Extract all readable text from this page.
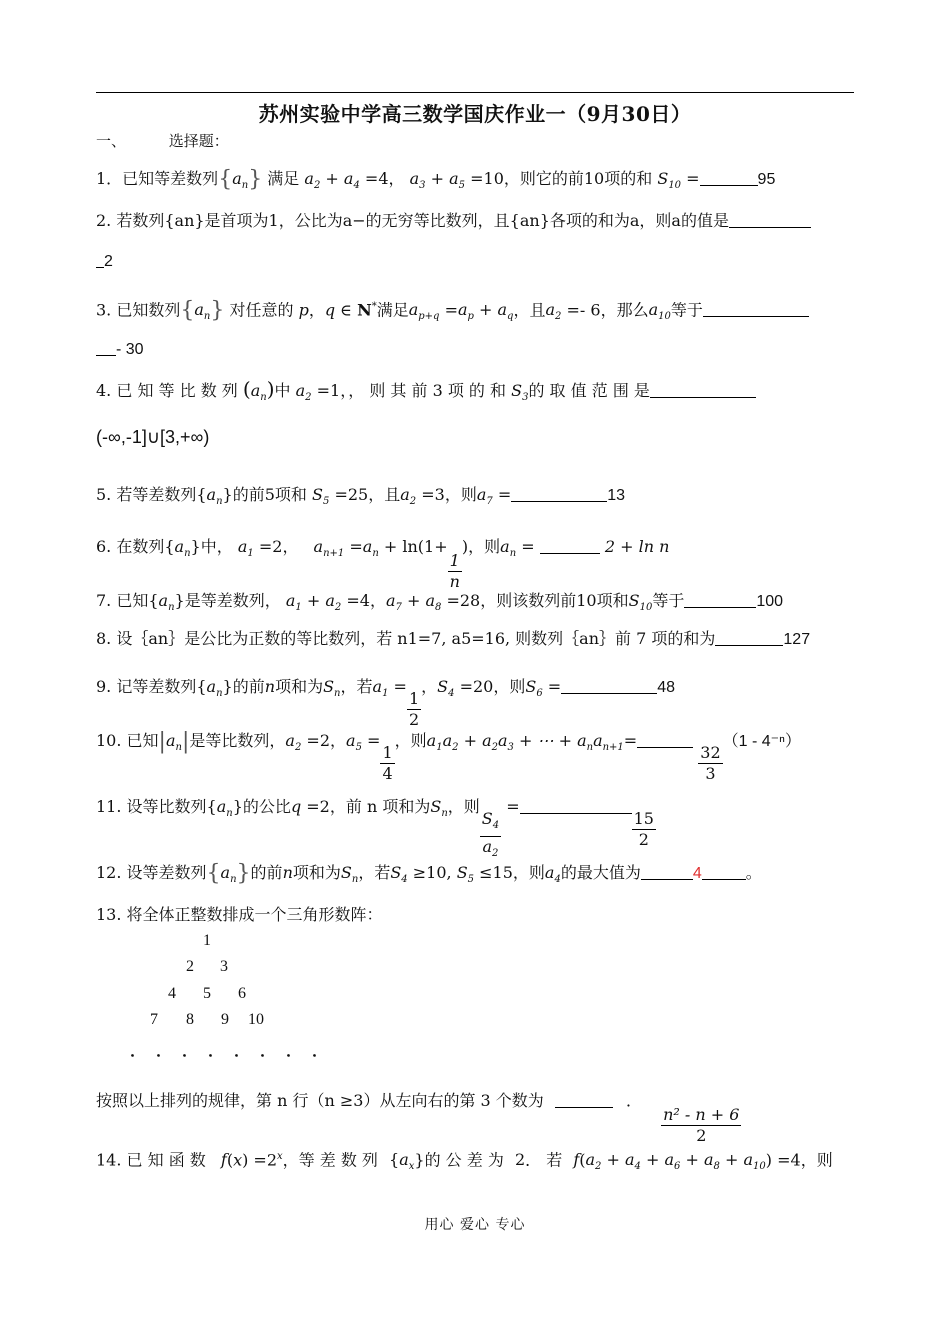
苏州实验中学高三数学国庆作业一（9月30日）
一、	选择题：
1．已知等差数列$\{a_n\}$ 满足 $a_2 + a_4 =4$， $a_3 + a_5 =10$，则它的前10项的和 $S_{10}$ =	95
2. 若数列{an}是首项为1，公比为a−的无穷等比数列，且{an}各项的和为a，则a的值是
2
3. 已知数列$\{a_n\}$ 对任意的 p，q ∈ N*满足$a_{p+q} =a_p + a_q$，且$a_2 =- 6$，那么$a_{10}$等于
- 30
4. 已 知 等 比 数 列 $(a_n)$中 $a_2 =1$，， 则 其 前 3 项 的 和 $S_3$的 取 值 范 围 是
(-∞,-1]∪[3,+∞)
5. 若等差数列$\{a_n\}$的前5项和 $S_5 =25$，且$a_2 =3$，则$a_7$ =	13
6. 在数列$\{a_n\}$中， $a_1 =2$， $a_{n+1} =a_n + \ln(1+$
$\frac{1}{n}$
)，则$a_n$ =	2 + ln n
7. 已知$\{a_n\}$是等差数列， $a_1 + a_2 =4$，$a_7 + a_8 =28$，则该数列前10项和$S_{10}$等于	100
8. 设｛an｝是公比为正数的等比数列，若 n1=7, a5=16, 则数列｛an｝前 7 项的和为	127
9. 记等差数列$\{a_n\}$的前n项和为$S_n$，若$a_1$ =
$\frac{1}{2}$
，$S_4 =20$，则$S_6$ =	48
10. 已知$|a_n|$是等比数列，$a_2 =2$，$a_5$ =
$\frac{1}{4}$
，则$a_1a_2 + a_2a_3$ + ⋯ + $a_na_{n+1}=$
$\frac{32}{3}$
（1 - 4⁻ⁿ）
11. 设等比数列$\{a_n\}$的公比q =2，前 n 项和为$S_n$，则
$\frac{S_4}{a_2}$
=
$\frac{15}{2}$
12. 设等差数列$\{a_n\}$的前n项和为$S_n$，若$S_4 \ge 10$, $S_5 \le 15$，则$a_4$的最大值为	4	。
13. 将全体正整数排成一个三角形数阵：
1
2 3
4 5 6
7 8 9 10
．．．．．．．．
按照以上排列的规律，第 n 行（n ≥3）从左向右的第 3 个数为	．
$\frac{\text{n² - n + 6}}{2}$
14. 已 知 函 数 $f(x) =2^x$，等 差 数 列 $\{a_x\}$的 公 差 为 2． 若 $f(a_2 + a_4 + a_6 + a_8 + a_{10}) =4$，则
用心 爱心 专心
